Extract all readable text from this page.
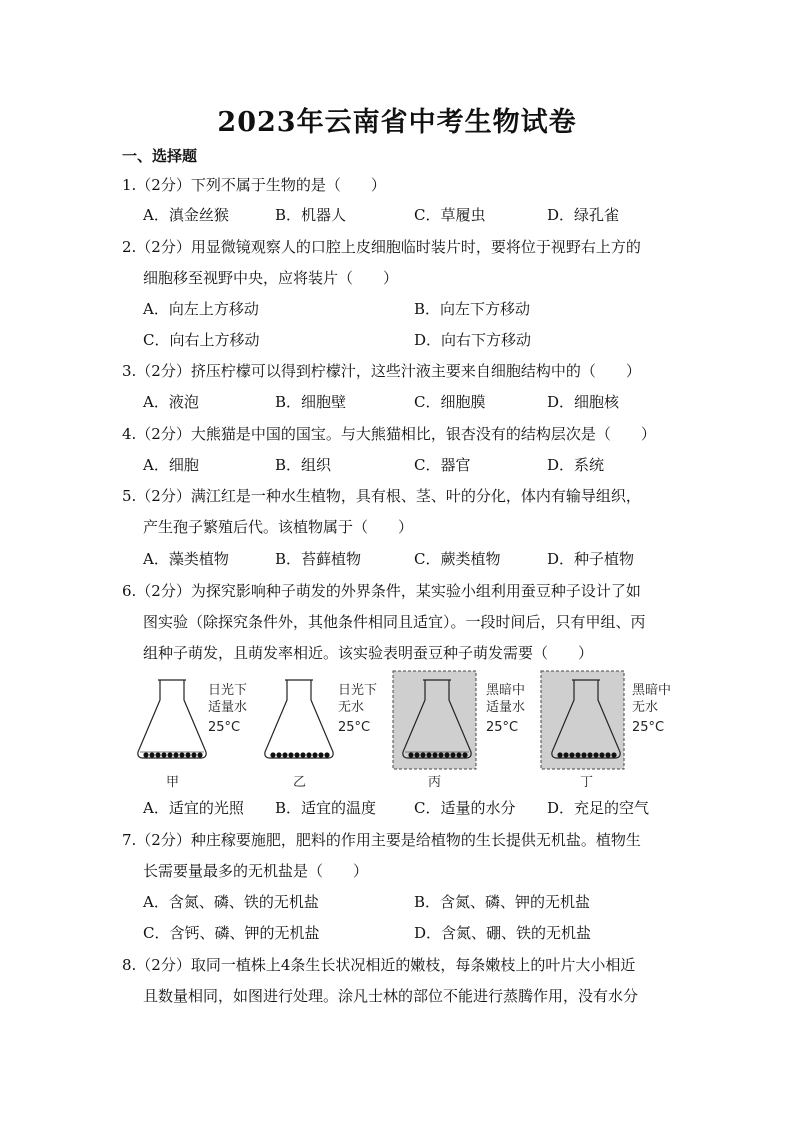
2023年云南省中考生物试卷
一、选择题
1.（2分）下列不属于生物的是（　　）
A．滇金丝猴	B．机器人	C．草履虫	D．绿孔雀
2.（2分）用显微镜观察人的口腔上皮细胞临时装片时，要将位于视野右上方的
细胞移至视野中央，应将装片（　　）
A．向左上方移动	B．向左下方移动
C．向右上方移动	D．向右下方移动
3.（2分）挤压柠檬可以得到柠檬汁，这些汁液主要来自细胞结构中的（　　）
A．液泡	B．细胞壁	C．细胞膜	D．细胞核
4.（2分）大熊猫是中国的国宝。与大熊猫相比，银杏没有的结构层次是（　　）
A．细胞	B．组织	C．器官	D．系统
5.（2分）满江红是一种水生植物，具有根、茎、叶的分化，体内有输导组织，
产生孢子繁殖后代。该植物属于（　　）
A．藻类植物	B．苔藓植物	C．蕨类植物	D．种子植物
6.（2分）为探究影响种子萌发的外界条件，某实验小组利用蚕豆种子设计了如
图实验（除探究条件外，其他条件相同且适宜）。一段时间后，只有甲组、丙
组种子萌发，且萌发率相近。该实验表明蚕豆种子萌发需要（　　）
日光下
适量水
25°C
日光下
无水
25°C
黑暗中
适量水
25°C
黑暗中
无水
25°C
甲	乙	丙	丁
A．适宜的光照 B．适宜的温度	C．适量的水分 D．充足的空气
7.（2分）种庄稼要施肥，肥料的作用主要是给植物的生长提供无机盐。植物生
长需要量最多的无机盐是（　　）
A．含氮、磷、铁的无机盐	B．含氮、磷、钾的无机盐
C．含钙、磷、钾的无机盐	D．含氮、硼、铁的无机盐
8.（2分）取同一植株上4条生长状况相近的嫩枝，每条嫩枝上的叶片大小相近
且数量相同，如图进行处理。涂凡士林的部位不能进行蒸腾作用，没有水分
